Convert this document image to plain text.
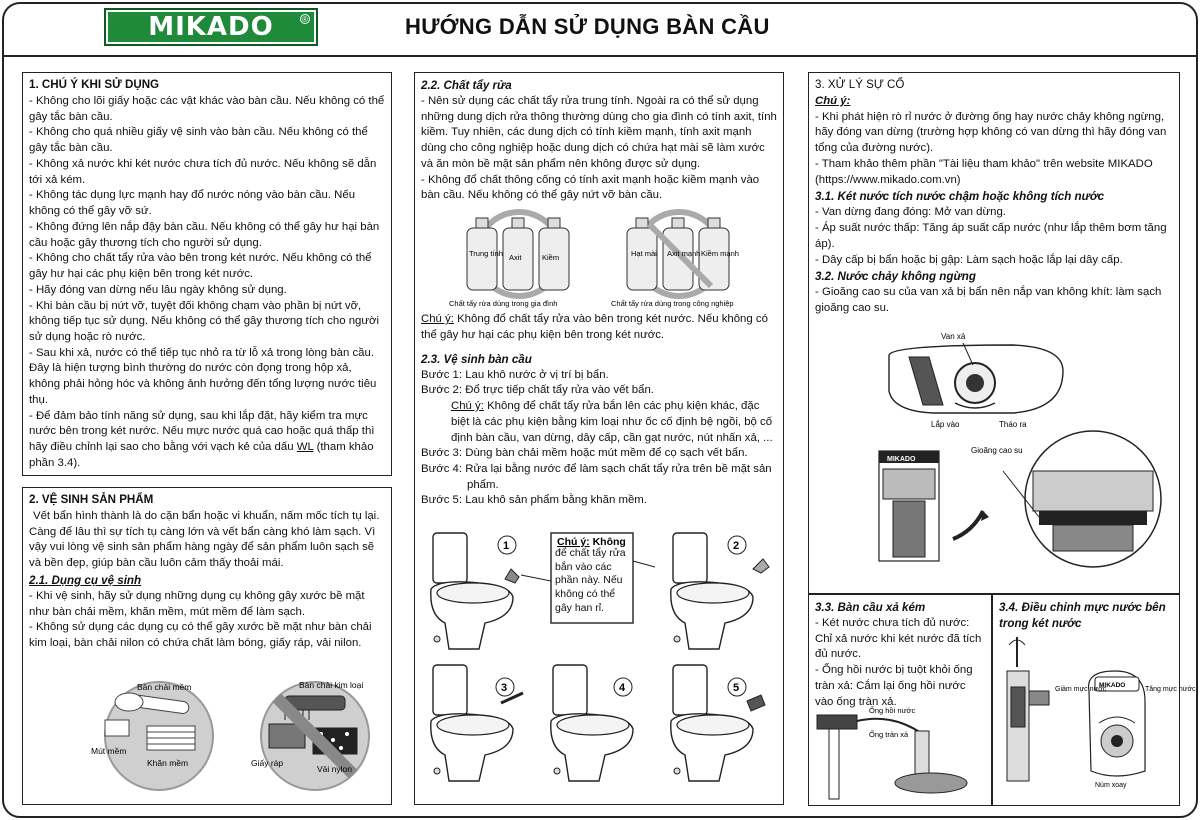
MIKADO	®	HƯỚNG DẪN SỬ DỤNG BÀN CẦU
1. CHÚ Ý KHI SỬ DỤNG

- Không cho lõi giấy hoặc các vật khác vào bàn cầu. Nếu không có thể gây tắc bàn cầu.

- Không cho quá nhiều giấy vệ sinh vào bàn cầu. Nếu không có thể gây tắc bàn cầu.

- Không xả nước khi két nước chưa tích đủ nước. Nếu không sẽ dẫn tới xả kém.

- Không tác dụng lực mạnh hay đổ nước nóng vào bàn cầu. Nếu không có thể gây vỡ sứ.

- Không đứng lên nắp đậy bàn cầu. Nếu không có thể gây hư hại bàn cầu hoặc gây thương tích cho người sử dụng.

- Không cho chất tẩy rửa vào bên trong két nước. Nếu không có thể gây hư hại các phụ kiện bên trong két nước.

- Hãy đóng van dừng nếu lâu ngày không sử dụng.

- Khi bàn cầu bị nứt vỡ, tuyệt đối không chạm vào phần bị nứt vỡ, không tiếp tục sử dụng. Nếu không có thể gây thương tích cho người sử dụng hoặc rò nước.

- Sau khi xả, nước có thể tiếp tục nhỏ ra từ lỗ xả trong lòng bàn cầu. Đây là hiện tượng bình thường do nước còn đọng trong hộp xả, không phải hỏng hóc và không ảnh hưởng đến tổng lượng nước tiêu thụ.

- Để đảm bảo tính năng sử dụng, sau khi lắp đặt, hãy kiểm tra mực nước bên trong két nước. Nếu mực nước quá cao hoặc quá thấp thì hãy điều chỉnh lại sao cho bằng với vạch kẻ của dấu WL (tham khảo phần 3.4).

2. VỆ SINH SẢN PHẨM

Vết bẩn hình thành là do cặn bẩn hoặc vi khuẩn, nấm mốc tích tụ lại. Càng để lâu thì sự tích tụ càng lớn và vết bẩn càng khó làm sạch. Vì vậy vui lòng vệ sinh sản phẩm hàng ngày để sản phẩm luôn sạch sẽ và bền đẹp, giúp bàn cầu luôn cảm thấy thoải mái.

2.1. Dụng cụ vệ sinh

- Khi vệ sinh, hãy sử dụng những dụng cụ không gây xước bề mặt như bàn chải mềm, khăn mềm, mút mềm để làm sạch.

- Không sử dụng các dụng cụ có thể gây xước bề mặt như bàn chải kim loại, bàn chải nilon có chứa chất làm bóng, giấy ráp, vải nilon.

Bàn chải mềm
Mút mềm
Khăn mềm
Bàn chải kim loại
Giấy ráp
Vải nylon
2.2. Chất tẩy rửa

- Nên sử dụng các chất tẩy rửa trung tính. Ngoài ra có thể sử dụng những dung dịch rửa thông thường dùng cho gia đình có tính axit, tính kiềm. Tuy nhiên, các dung dịch có tính kiềm mạnh, tính axit mạnh dùng cho công nghiệp hoặc dung dịch có chứa hạt mài sẽ làm xước và ăn mòn bề mặt sản phẩm nên không được sử dụng.

- Không đổ chất thông cống có tính axit mạnh hoặc kiềm mạnh vào bàn cầu. Nếu không có thể gây nứt vỡ bàn cầu.

Trung tính Axit	Kiềm
Chất tẩy rửa dùng trong gia đình
Hạt mài Axit mạnh Kiềm mạnh
Chất tẩy rửa dùng trong công nghiệp

Chú ý: Không đổ chất tẩy rửa vào bên trong két nước. Nếu không có thể gây hư hại các phụ kiện bên trong két nước.

2.3. Vệ sinh bàn cầu

Bước 1: Lau khô nước ở vị trí bị bẩn.

Bước 2: Đổ trực tiếp chất tẩy rửa vào vết bẩn.

Chú ý: Không để chất tẩy rửa bắn lên các phụ kiện khác, đặc biệt là các phụ kiện bằng kim loại như ốc cố định bệ ngồi, bộ cố định bàn cầu, van dừng, dây cấp, cần gạt nước, nút nhấn xả, ...

Bước 3: Dùng bàn chải mềm hoặc mút mềm để cọ sạch vết bẩn.

Bước 4: Rửa lại bằng nước để làm sạch chất tẩy rửa trên bề mặt sản phẩm.

Bước 5: Lau khô sản phẩm bằng khăn mềm.

1	Chú ý: Không
để chất tẩy rửa bắn vào các phần này. Nếu không có thể gây han rỉ.
2
3	4	5
3. XỬ LÝ SỰ CỐ

Chú ý:

- Khi phát hiện rò rỉ nước ở đường ống hay nước chảy không ngừng, hãy đóng van dừng (trường hợp không có van dừng thì hãy đóng van tổng của đường nước).

- Tham khảo thêm phần "Tài liệu tham khảo" trên website MIKADO (https://www.mikado.com.vn)

3.1. Két nước tích nước chậm hoặc không tích nước

- Van dừng đang đóng: Mở van dừng.

- Áp suất nước thấp: Tăng áp suất cấp nước (như lắp thêm bơm tăng áp).

- Dây cấp bị bẩn hoặc bị gập: Làm sạch hoặc lắp lại dây cấp.

3.2. Nước chảy không ngừng

- Gioăng cao su của van xả bị bẩn nên nắp van không khít: làm sạch gioăng cao su.

Van xả
Lắp vào	Tháo ra
MIKADO
Gioăng cao su
3.3. Bàn cầu xả kém

- Két nước chưa tích đủ nước: Chỉ xả nước khi két nước đã tích đủ nước.

- Ống hồi nước bị tuột khỏi ống tràn xả: Cắm lại ống hồi nước vào ống tràn xả.

Ống hồi nước
Ống tràn xả
3.4. Điều chỉnh mực nước bên trong két nước
MIKADO
Giảm mực nước	Tăng mực nước
Núm xoay
